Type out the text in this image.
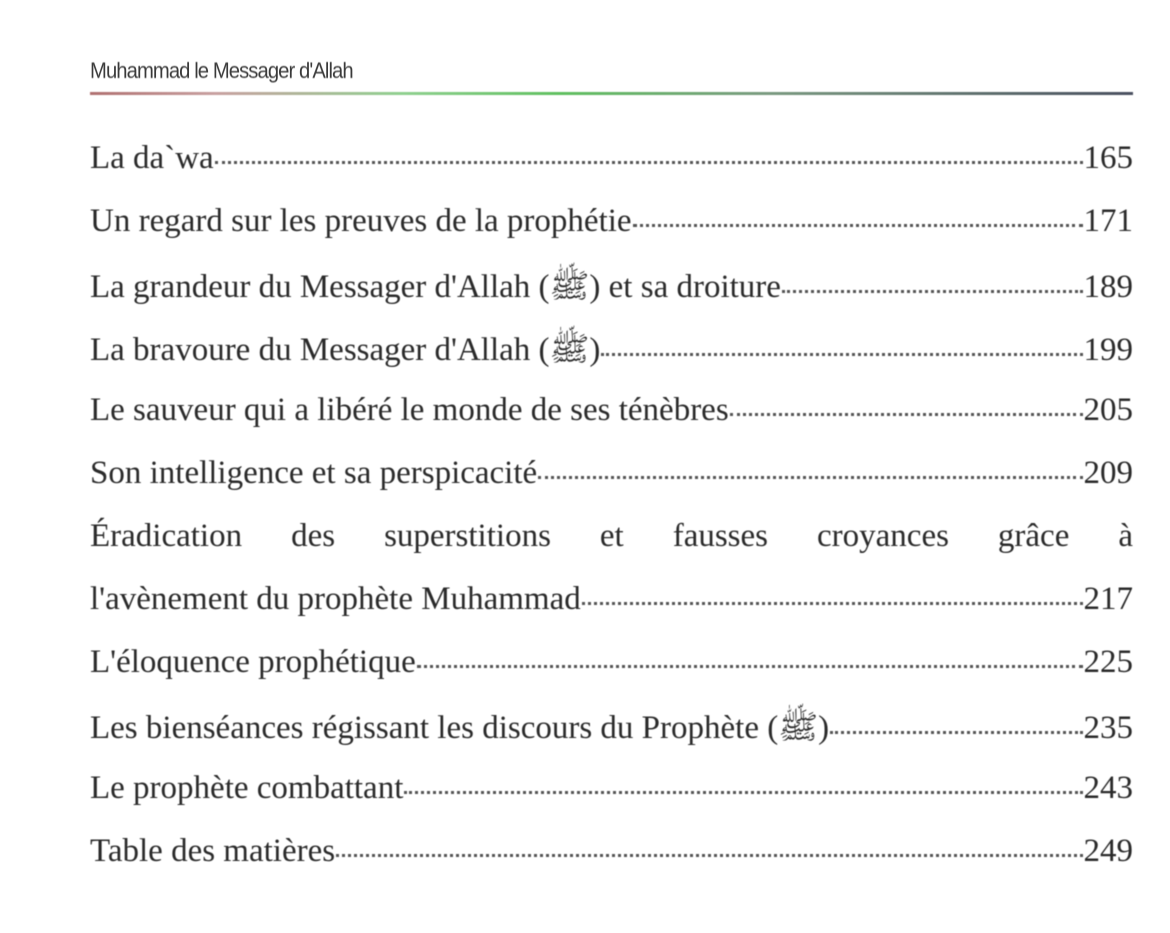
Muhammad le Messager d'Allah
La da`wa	165
Un regard sur les preuves de la prophétie	171
La grandeur du Messager d'Allah (ﷺ) et sa droiture	189
La bravoure du Messager d'Allah (ﷺ)	199
Le sauveur qui a libéré le monde de ses ténèbres	205
Son intelligence et sa perspicacité	209
Éradication des superstitions et fausses croyances grâce à
l'avènement du prophète Muhammad	217
L'éloquence prophétique	225
Les bienséances régissant les discours du Prophète (ﷺ)	235
Le prophète combattant	243
Table des matières	249
